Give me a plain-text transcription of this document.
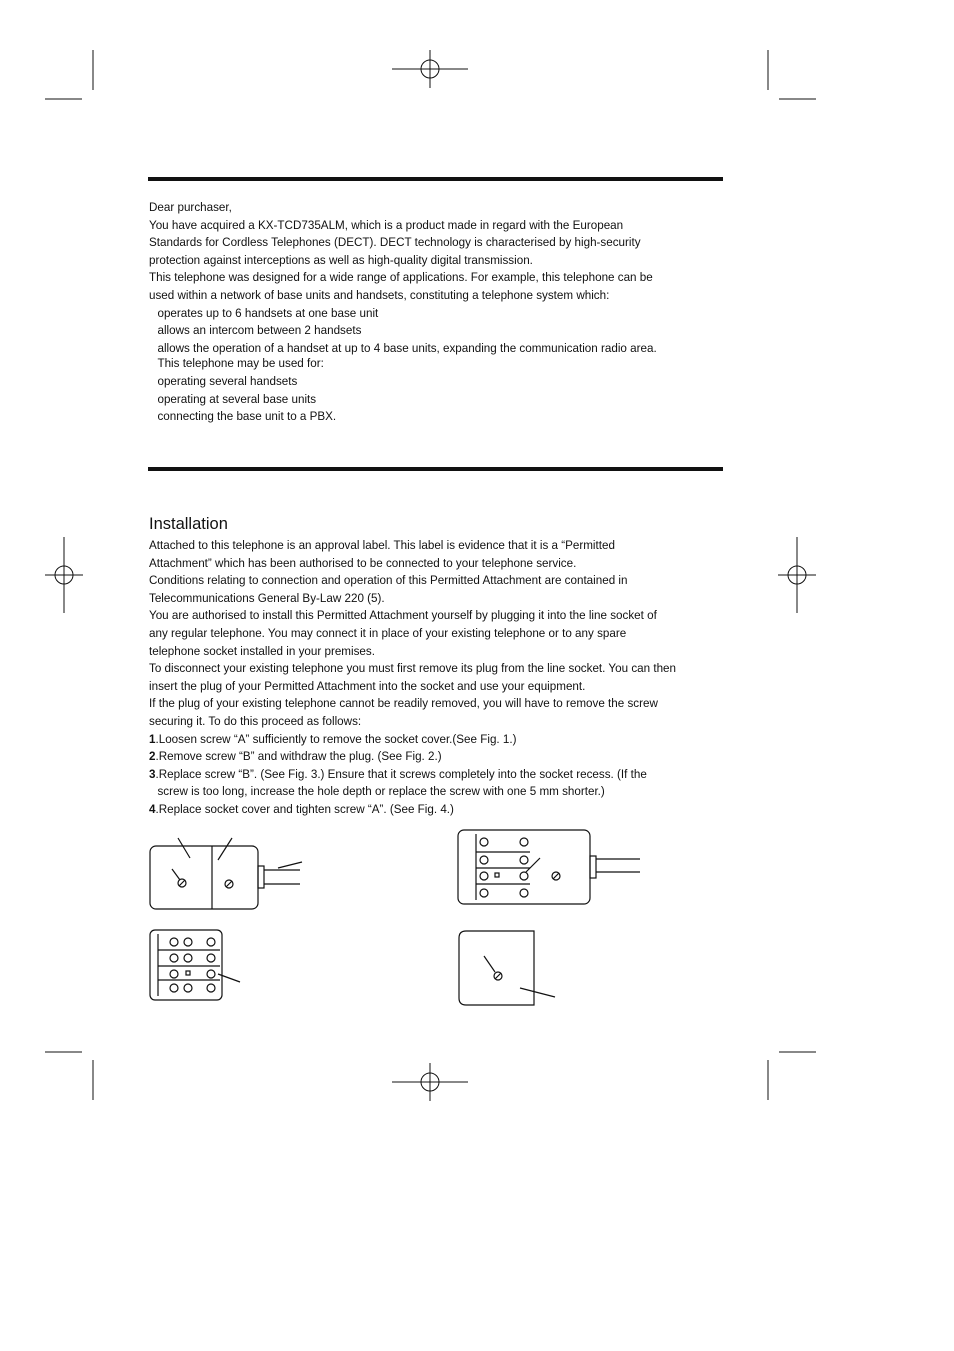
Dear purchaser,

You have acquired a KX-TCD735ALM, which is a product made in regard with the European

Standards for Cordless Telephones (DECT). DECT technology is characterised by high-security

protection against interceptions as well as high-quality digital transmission.

This telephone was designed for a wide range of applications. For example, this telephone can be

used within a network of base units and handsets, constituting a telephone system which:

operates up to 6 handsets at one base unit

allows an intercom between 2 handsets

allows the operation of a handset at up to 4 base units, expanding the communication radio area.

This telephone may be used for:

operating several handsets

operating at several base units

connecting the base unit to a PBX.

Installation

Attached to this telephone is an approval label. This label is evidence that it is a “Permitted

Attachment” which has been authorised to be connected to your telephone service.

Conditions relating to connection and operation of this Permitted Attachment are contained in

Telecommunications General By-Law 220 (5).

You are authorised to install this Permitted Attachment yourself by plugging it into the line socket of

any regular telephone. You may connect it in place of your existing telephone or to any spare

telephone socket installed in your premises.

To disconnect your existing telephone you must first remove its plug from the line socket. You can then

insert the plug of your Permitted Attachment into the socket and use your equipment.

If the plug of your existing telephone cannot be readily removed, you will have to remove the screw

securing it. To do this proceed as follows:

1.Loosen screw “A” sufficiently to remove the socket cover.(See Fig. 1.)

2.Remove screw “B” and withdraw the plug. (See Fig. 2.)

3.Replace screw “B”. (See Fig. 3.) Ensure that it screws completely into the socket recess. (If the

screw is too long, increase the hole depth or replace the screw with one 5 mm shorter.)

4.Replace socket cover and tighten screw “A”. (See Fig. 4.)
